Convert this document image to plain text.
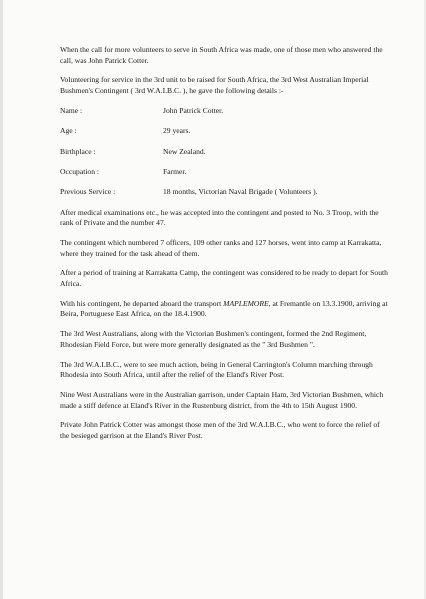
When the call for more volunteers to serve in South Africa was made, one of those men who answered the call, was John Patrick Cotter.

Volunteering for service in the 3rd unit to be raised for South Africa, the 3rd West Australian Imperial Bushmen's Contingent ( 3rd W.A.I.B.C. ), he gave the following details :-

Name :	John Patrick Cotter.
Age :	29 years.
Birthplace :	New Zealand.
Occupation :	Farmer.
Previous Service :	18 months, Victorian Naval Brigade ( Volunteers ).

After medical examinations etc., he was accepted into the contingent and posted to No. 3 Troop, with the rank of Private and the number 47.

The contingent which numbered 7 officers, 109 other ranks and 127 horses, went into camp at Karrakatta, where they trained for the task ahead of them.

After a period of training at Karrakatta Camp, the contingent was considered to be ready to depart for South Africa.

With his contingent, he departed aboard the transport MAPLEMORE, at Fremantle on 13.3.1900, arriving at Beira, Portuguese East Africa, on the 18.4.1900.

The 3rd West Australians, along with the Victorian Bushmen's contingent, formed the 2nd Regiment, Rhodesian Field Force, but were more generally designated as the " 3rd Bushmen ".

The 3rd W.A.I.B.C., were to see much action, being in General Carrington's Column marching through Rhodesia into South Africa, until after the relief of the Eland's River Post.

Nine West Australians were in the Australian garrison, under Captain Ham, 3rd Victorian Bushmen, which made a stiff defence at Eland's River in the Rustenburg district, from the 4th to 15th August 1900.

Private John Patrick Cotter was amongst those men of the 3rd W.A.I.B.C., who went to force the relief of the besieged garrison at the Eland's River Post.
